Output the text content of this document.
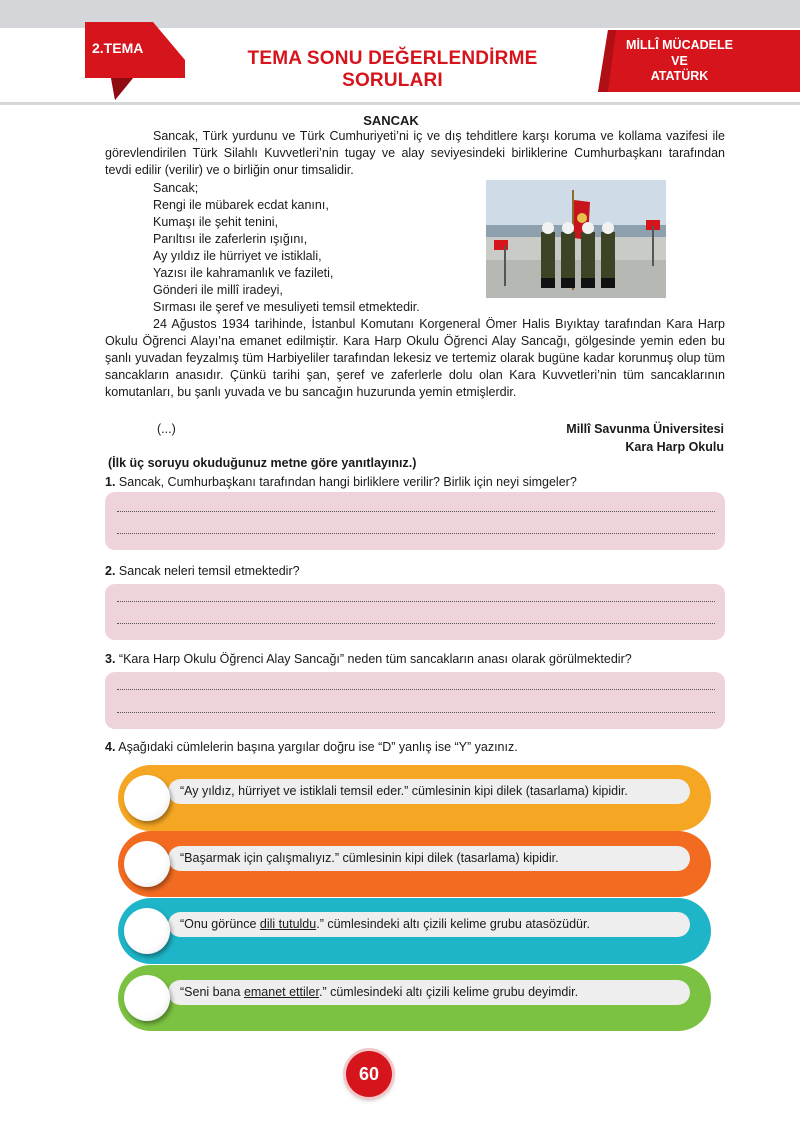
2.TEMA	TEMA SONU DEĞERLENDİRME SORULARI
MİLLÎ MÜCADELE
VE
ATATÜRK
SANCAK

Sancak, Türk yurdunu ve Türk Cumhuriyeti’ni iç ve dış tehditlere karşı koruma ve kollama vazifesi ile görevlendirilen Türk Silahlı Kuvvetleri’nin tugay ve alay seviyesindeki birliklerine Cumhurbaşkanı tarafından tevdi edilir (verilir) ve o birliğin onur timsalidir.

Sancak;
Rengi ile mübarek ecdat kanını,
Kumaşı ile şehit tenini,
Parıltısı ile zaferlerin ışığını,
Ay yıldız ile hürriyet ve istiklali,
Yazısı ile kahramanlık ve fazileti,
Gönderi ile millî iradeyi,
Sırması ile şeref ve mesuliyeti temsil etmektedir.

24 Ağustos 1934 tarihinde, İstanbul Komutanı Korgeneral Ömer Halis Bıyıktay tarafından Kara Harp Okulu Öğrenci Alayı’na emanet edilmiştir. Kara Harp Okulu Öğrenci Alay Sancağı, gölgesinde yemin eden bu şanlı yuvadan feyzalmış tüm Harbiyeliler tarafından lekesiz ve tertemiz olarak bugüne kadar korunmuş olup tüm sancakların anasıdır. Çünkü tarihi şan, şeref ve zaferlerle dolu olan Kara Kuvvetleri’nin tüm sancaklarının komutanları, bu şanlı yuvada ve bu sancağın huzurunda yemin etmişlerdir.

(...)	Millî Savunma Üniversitesi
Kara Harp Okulu
(İlk üç soruyu okuduğunuz metne göre yanıtlayınız.)
1. Sancak, Cumhurbaşkanı tarafından hangi birliklere verilir? Birlik için neyi simgeler?
2. Sancak neleri temsil etmektedir?
3. “Kara Harp Okulu Öğrenci Alay Sancağı” neden tüm sancakların anası olarak görülmektedir?
4. Aşağıdaki cümlelerin başına yargılar doğru ise “D” yanlış ise “Y” yazınız.
“Ay yıldız, hürriyet ve istiklali temsil eder.” cümlesinin kipi dilek (tasarlama) kipidir.
“Başarmak için çalışmalıyız.” cümlesinin kipi dilek (tasarlama) kipidir.
“Onu görünce dili tutuldu.” cümlesindeki altı çizili kelime grubu atasözüdür.
“Seni bana emanet ettiler.” cümlesindeki altı çizili kelime grubu deyimdir.
60
